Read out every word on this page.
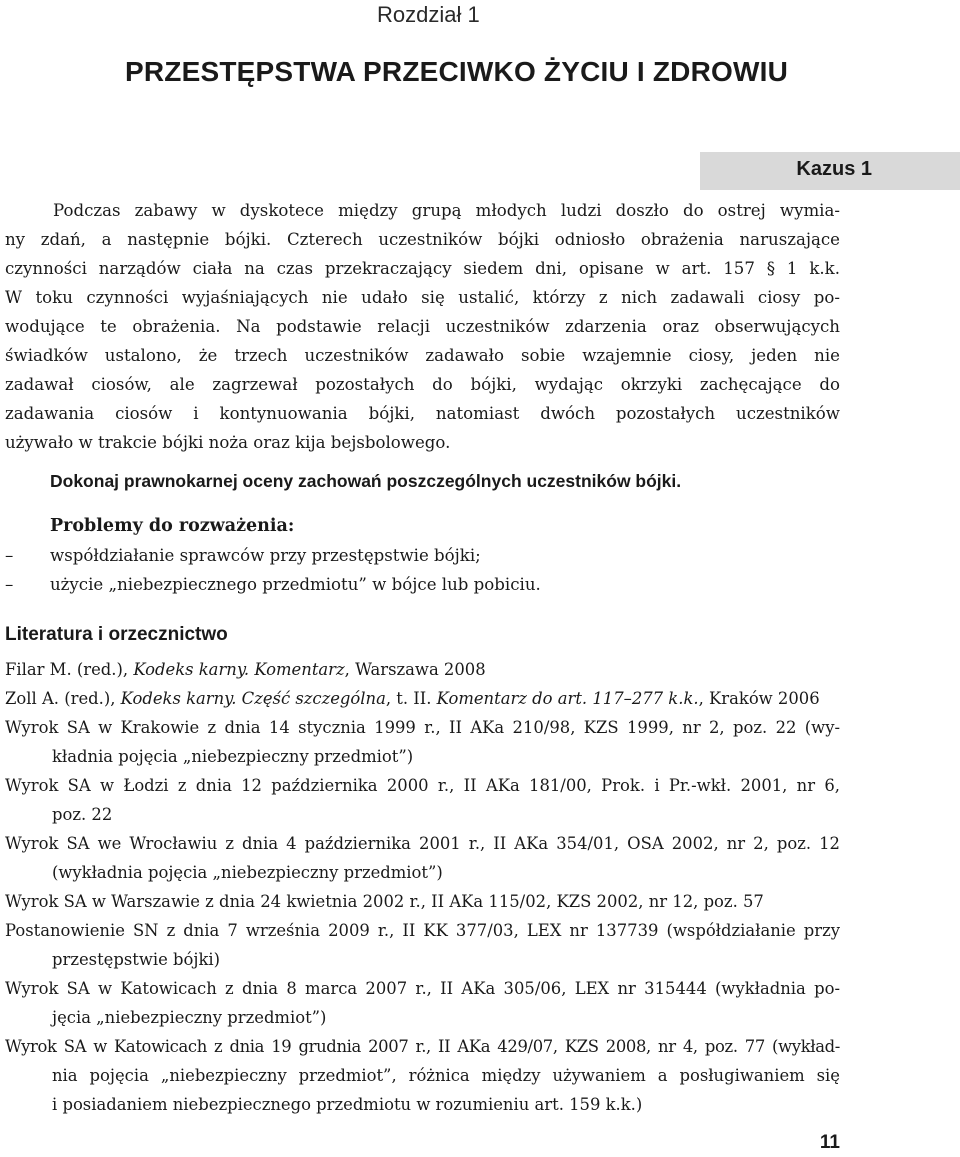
Rozdział 1
PRZESTĘPSTWA PRZECIWKO ŻYCIU I ZDROWIU
Kazus 1
Podczas zabawy w dyskotece między grupą młodych ludzi doszło do ostrej wymia-
ny zdań, a następnie bójki. Czterech uczestników bójki odniosło obrażenia naruszające
czynności narządów ciała na czas przekraczający siedem dni, opisane w art. 157 § 1 k.k.
W toku czynności wyjaśniających nie udało się ustalić, którzy z nich zadawali ciosy po-
wodujące te obrażenia. Na podstawie relacji uczestników zdarzenia oraz obserwujących
świadków ustalono, że trzech uczestników zadawało sobie wzajemnie ciosy, jeden nie
zadawał ciosów, ale zagrzewał pozostałych do bójki, wydając okrzyki zachęcające do
zadawania ciosów i kontynuowania bójki, natomiast dwóch pozostałych uczestników
używało w trakcie bójki noża oraz kija bejsbolowego.
Dokonaj prawnokarnej oceny zachowań poszczególnych uczestników bójki.
Problemy do rozważenia:
– współdziałanie sprawców przy przestępstwie bójki;
– użycie „niebezpiecznego przedmiotu” w bójce lub pobiciu.
Literatura i orzecznictwo
Filar M. (red.), Kodeks karny. Komentarz, Warszawa 2008
Zoll A. (red.), Kodeks karny. Część szczególna, t. II. Komentarz do art. 117–277 k.k., Kraków 2006
Wyrok SA w Krakowie z dnia 14 stycznia 1999 r., II AKa 210/98, KZS 1999, nr 2, poz. 22 (wy-
kładnia pojęcia „niebezpieczny przedmiot”)
Wyrok SA w Łodzi z dnia 12 października 2000 r., II AKa 181/00, Prok. i Pr.-wkł. 2001, nr 6,
poz. 22
Wyrok SA we Wrocławiu z dnia 4 października 2001 r., II AKa 354/01, OSA 2002, nr 2, poz. 12
(wykładnia pojęcia „niebezpieczny przedmiot”)
Wyrok SA w Warszawie z dnia 24 kwietnia 2002 r., II AKa 115/02, KZS 2002, nr 12, poz. 57
Postanowienie SN z dnia 7 września 2009 r., II KK 377/03, LEX nr 137739 (współdziałanie przy
przestępstwie bójki)
Wyrok SA w Katowicach z dnia 8 marca 2007 r., II AKa 305/06, LEX nr 315444 (wykładnia po-
jęcia „niebezpieczny przedmiot”)
Wyrok SA w Katowicach z dnia 19 grudnia 2007 r., II AKa 429/07, KZS 2008, nr 4, poz. 77 (wykład-
nia pojęcia „niebezpieczny przedmiot”, różnica między używaniem a posługiwaniem się
i posiadaniem niebezpiecznego przedmiotu w rozumieniu art. 159 k.k.)
11
